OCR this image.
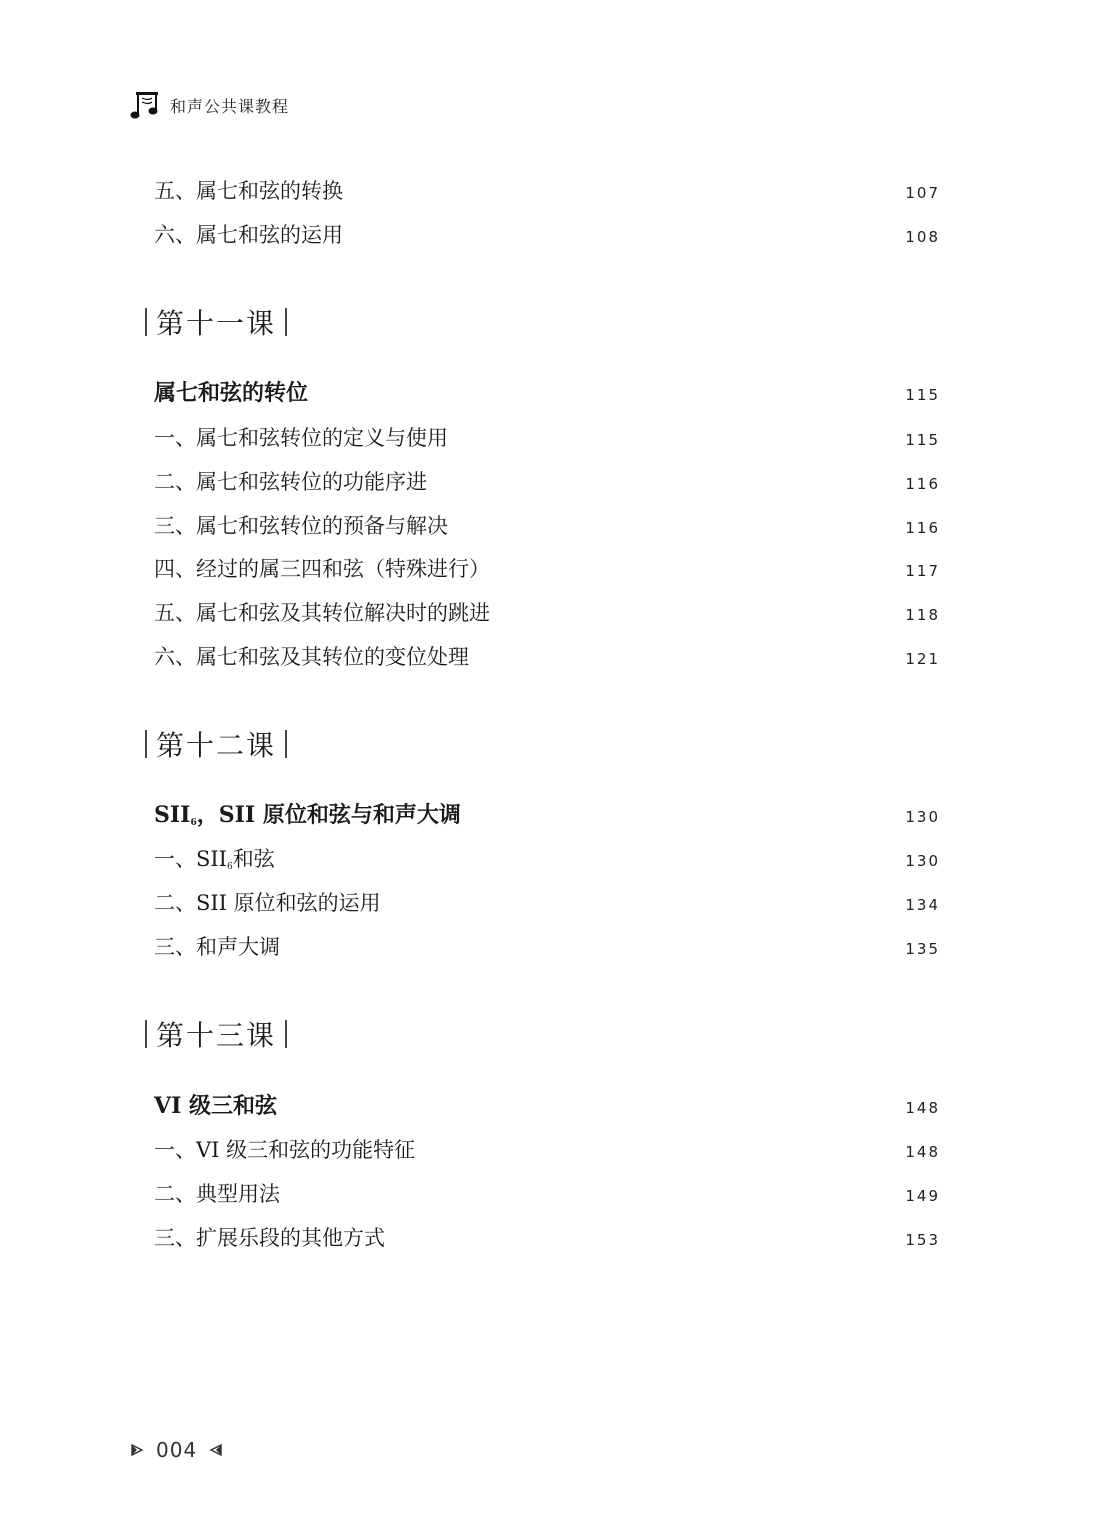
和声公共课教程
五、属七和弦的转换	107
六、属七和弦的运用	108
第十一课
属七和弦的转位	115
一、属七和弦转位的定义与使用	115
二、属七和弦转位的功能序进	116
三、属七和弦转位的预备与解决	116
四、经过的属三四和弦（特殊进行）	117
五、属七和弦及其转位解决时的跳进	118
六、属七和弦及其转位的变位处理	121
第十二课
$SII_6$，SII 原位和弦与和声大调	130
一、$SII_6$和弦	130
二、SII 原位和弦的运用	134
三、和声大调	135
第十三课
VI 级三和弦	148
一、VI 级三和弦的功能特征	148
二、典型用法	149
三、扩展乐段的其他方式	153
004
